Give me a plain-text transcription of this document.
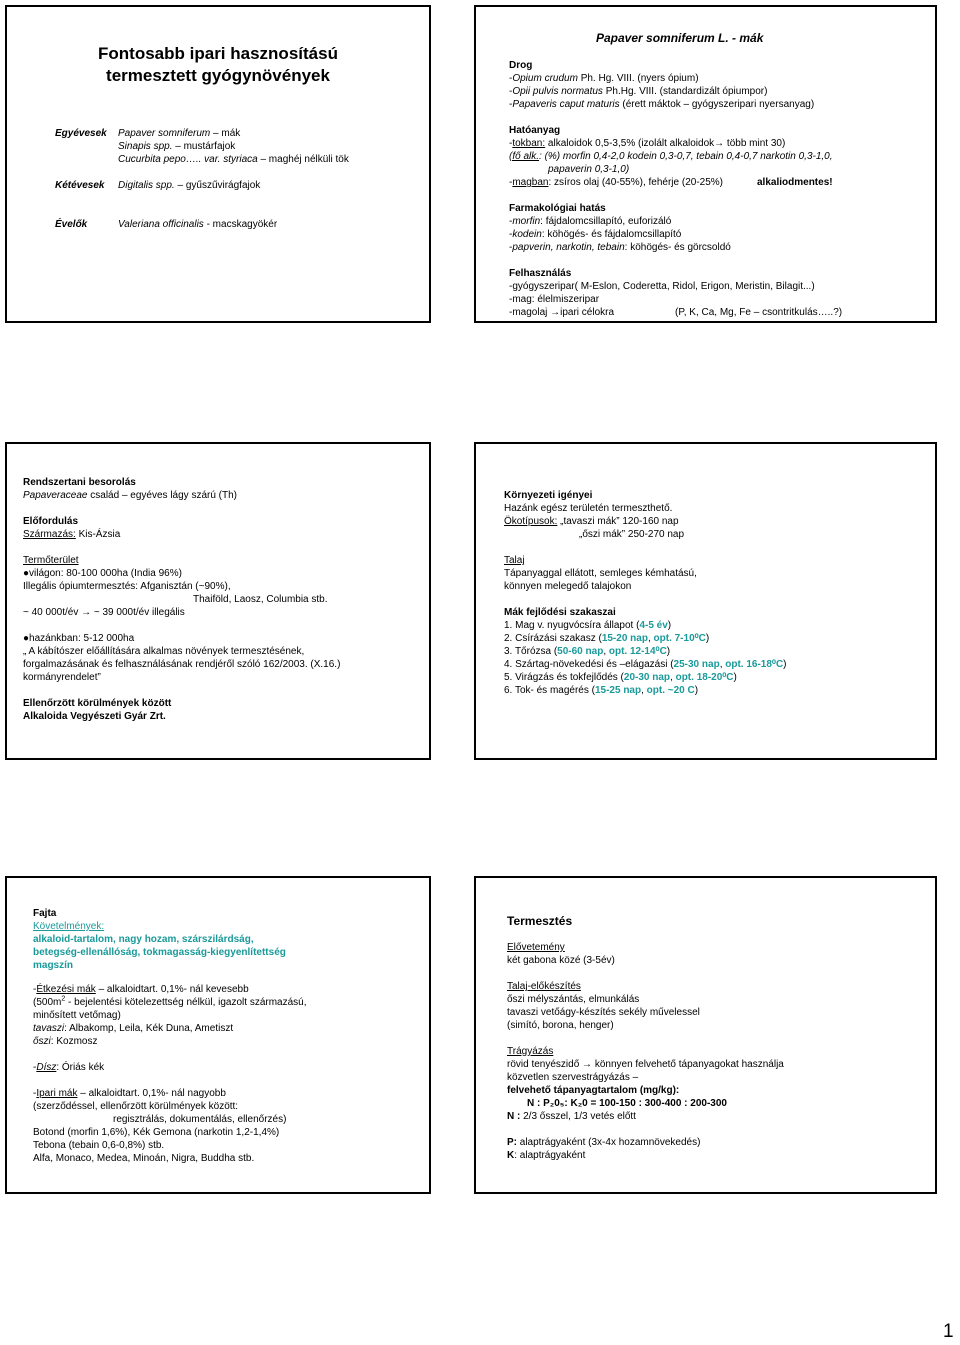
Fontosabb ipari hasznosítású
termesztett gyógynövények
Egyévesek Papaver somniferum – mák
Sinapis spp. – mustárfajok
Cucurbita pepo….. var. styriaca – maghéj nélküli tök
Kétévesek Digitalis spp. – gyűszűvirágfajok
Évelők	Valeriana officinalis - macskagyökér
Papaver somniferum L. - mák
Drog
-Opium crudum Ph. Hg. VIII. (nyers ópium)
-Opii pulvis normatus Ph.Hg. VIII. (standardizált ópiumpor)
-Papaveris caput maturis (érett máktok – gyógyszeripari nyersanyag)
Hatóanyag
-tokban: alkaloidok 0,5-3,5% (izolált alkaloidok→ több mint 30)
(fő alk.: (%) morfin 0,4-2,0 kodein 0,3-0,7, tebain 0,4-0,7 narkotin 0,3-1,0,
papaverin 0,3-1,0)
-magban: zsíros olaj (40-55%), fehérje (20-25%)	alkaliodmentes!
Farmakológiai hatás
-morfin: fájdalomcsillapító, euforizáló
-kodein: köhögés- és fájdalomcsillapító
-papverin, narkotin, tebain: köhögés- és görcsoldó
Felhasználás
-gyógyszeripar( M-Eslon, Coderetta, Ridol, Erigon, Meristin, Bilagit...)
-mag: élelmiszeripar
-magolaj →ipari célokra	(P, K, Ca, Mg, Fe – csontritkulás…..?)
Rendszertani besorolás
Papaveraceae család – egyéves lágy szárú (Th)
Előfordulás
Származás: Kis-Ázsia
Termőterület
●világon: 80-100 000ha (India 96%)
Illegális ópiumtermesztés: Afganisztán (~90%),
Thaiföld, Laosz, Columbia stb.
~ 40 000t/év → ~ 39 000t/év illegális
●hazánkban: 5-12 000ha
„ A kábítószer előállítására alkalmas növények termesztésének,
forgalmazásának és felhasználásának rendjéről szóló 162/2003. (X.16.)
kormányrendelet”
Ellenőrzött körülmények között
Alkaloida Vegyészeti Gyár Zrt.
Környezeti igényei
Hazánk egész területén termeszthető.
Ökotípusok: „tavaszi mák” 120-160 nap
„őszi mák” 250-270 nap
Talaj
Tápanyaggal ellátott, semleges kémhatású,
könnyen melegedő talajokon
Mák fejlődési szakaszai
1. Mag v. nyugvócsíra állapot (4-5 év)
2. Csírázási szakasz (15-20 nap, opt. 7-10⁰C)
3. Tőrózsa (50-60 nap, opt. 12-14⁰C)
4. Szártag-növekedési és –elágazási (25-30 nap, opt. 16-18⁰C)
5. Virágzás és tokfejlődés (20-30 nap, opt. 18-20⁰C)
6. Tok- és magérés (15-25 nap, opt. ~20 C)
Fajta
Követelmények:
alkaloid-tartalom, nagy hozam, szárszilárdság,
betegség-ellenállóság, tokmagasság-kiegyenlítettség
magszín
-Étkezési mák – alkaloidtart. 0,1%- nál kevesebb
($500m^2$ - bejelentési kötelezettség nélkül, igazolt származású,
minősített vetőmag)
tavaszi: Albakomp, Leila, Kék Duna, Ametiszt
őszi: Kozmosz
-Dísz: Óriás kék
-Ipari mák – alkaloidtart. 0,1%- nál nagyobb
(szerződéssel, ellenőrzött körülmények között:
regisztrálás, dokumentálás, ellenőrzés)
Botond (morfin 1,6%), Kék Gemona (narkotin 1,2-1,4%)
Tebona (tebain 0,6-0,8%) stb.
Alfa, Monaco, Medea, Minoán, Nigra, Buddha stb.
Termesztés
Elővetemény
két gabona közé (3-5év)
Talaj-előkészítés
őszi mélyszántás, elmunkálás
tavaszi vetőágy-készítés sekély művelessel
(simító, borona, henger)
Trágyázás
rövid tenyészidő → könnyen felvehető tápanyagokat használja
közvetlen szervestrágyázás –
felvehető tápanyagtartalom (mg/kg):
N : P₂0₅: K₂0 = 100-150 : 300-400 : 200-300
N : 2/3 ősszel, 1/3 vetés előtt
P: alaptrágyaként (3x-4x hozamnövekedés)
K: alaptrágyaként
1
